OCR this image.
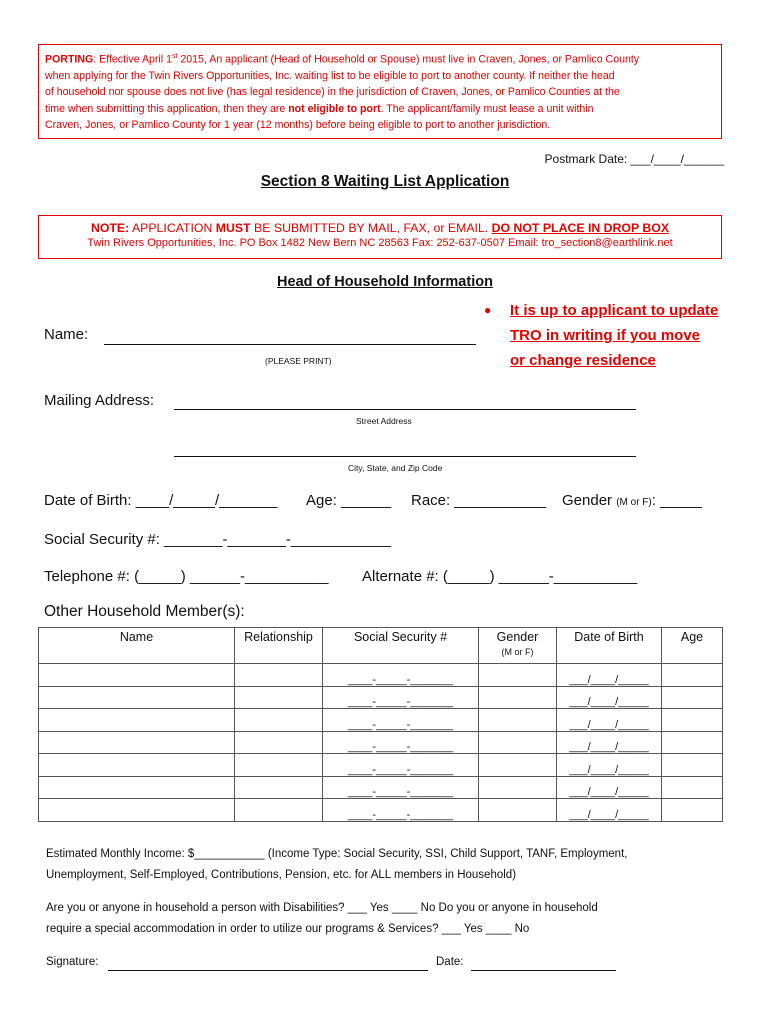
PORTING: Effective April 1st 2015, An applicant (Head of Household or Spouse) must live in Craven, Jones, or Pamlico County
when applying for the Twin Rivers Opportunities, Inc. waiting list to be eligible to port to another county. If neither the head
of household nor spouse does not live (has legal residence) in the jurisdiction of Craven, Jones, or Pamlico Counties at the
time when submitting this application, then they are not eligible to port. The applicant/family must lease a unit within
Craven, Jones, or Pamlico County for 1 year (12 months) before being eligible to port to another jurisdiction.
Postmark Date: ___/____/______
Section 8 Waiting List Application
NOTE: APPLICATION MUST BE SUBMITTED BY MAIL, FAX, or EMAIL. DO NOT PLACE IN DROP BOX
Twin Rivers Opportunities, Inc. PO Box 1482 New Bern NC 28563 Fax: 252-637-0507 Email: tro_section8@earthlink.net
Head of Household Information
● It is up to applicant to update
TRO in writing if you move
or change residence
Name:
(PLEASE PRINT)
Mailing Address:
Street Address
City, State, and Zip Code
Date of Birth: ____/_____/_______ Age: ______ Race: ___________ Gender (M or F): _____
Social Security #: _______-_______-____________
Telephone #: (_____) ______-__________ Alternate #: (_____) ______-__________
Other Household Member(s):
Name	Relationship	Social Security #	Gender
(M or F)	Date of Birth	Age
		____-_____-_______		___/____/_____	
		____-_____-_______		___/____/_____	
		____-_____-_______		___/____/_____	
		____-_____-_______		___/____/_____	
		____-_____-_______		___/____/_____	
		____-_____-_______		___/____/_____	
		____-_____-_______		___/____/_____	
Estimated Monthly Income: $___________ (Income Type: Social Security, SSI, Child Support, TANF, Employment,
Unemployment, Self-Employed, Contributions, Pension, etc. for ALL members in Household)
Are you or anyone in household a person with Disabilities? ___ Yes ____ No Do you or anyone in household
require a special accommodation in order to utilize our programs & Services? ___ Yes ____ No
Signature:	Date:
